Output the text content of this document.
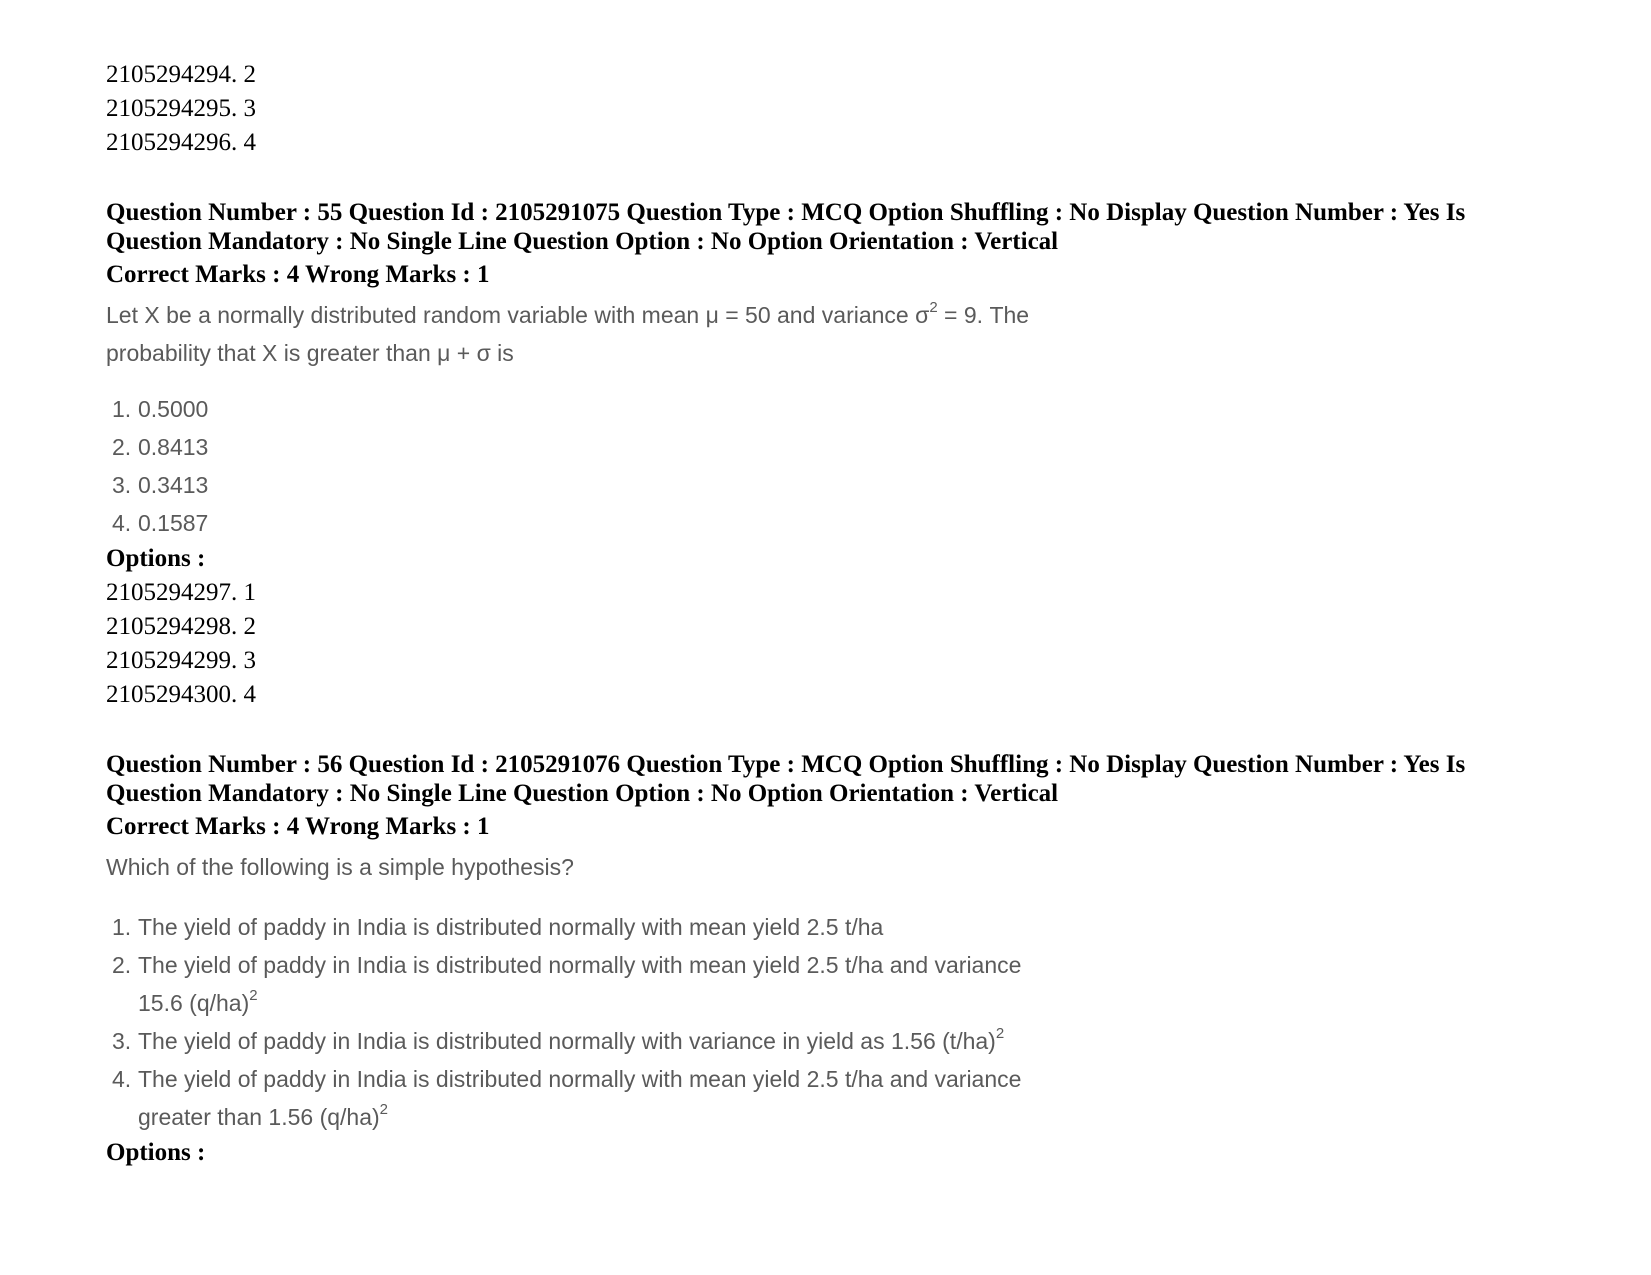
2105294294. 2
2105294295. 3
2105294296. 4
Question Number : 55 Question Id : 2105291075 Question Type : MCQ Option Shuffling : No Display Question Number : Yes Is
Question Mandatory : No Single Line Question Option : No Option Orientation : Vertical
Correct Marks : 4 Wrong Marks : 1
Let X be a normally distributed random variable with mean μ = 50 and variance $\sigma^2 = 9$. The
probability that X is greater than μ + σ is
1. 0.5000
2. 0.8413
3. 0.3413
4. 0.1587
Options :
2105294297. 1
2105294298. 2
2105294299. 3
2105294300. 4
Question Number : 56 Question Id : 2105291076 Question Type : MCQ Option Shuffling : No Display Question Number : Yes Is
Question Mandatory : No Single Line Question Option : No Option Orientation : Vertical
Correct Marks : 4 Wrong Marks : 1
Which of the following is a simple hypothesis?
1. The yield of paddy in India is distributed normally with mean yield 2.5 t/ha
2. The yield of paddy in India is distributed normally with mean yield 2.5 t/ha and variance
15.6 $(q/ha)^2$
3. The yield of paddy in India is distributed normally with variance in yield as 1.56 $(t/ha)^2$
4. The yield of paddy in India is distributed normally with mean yield 2.5 t/ha and variance
greater than 1.56 $(q/ha)^2$
Options :
